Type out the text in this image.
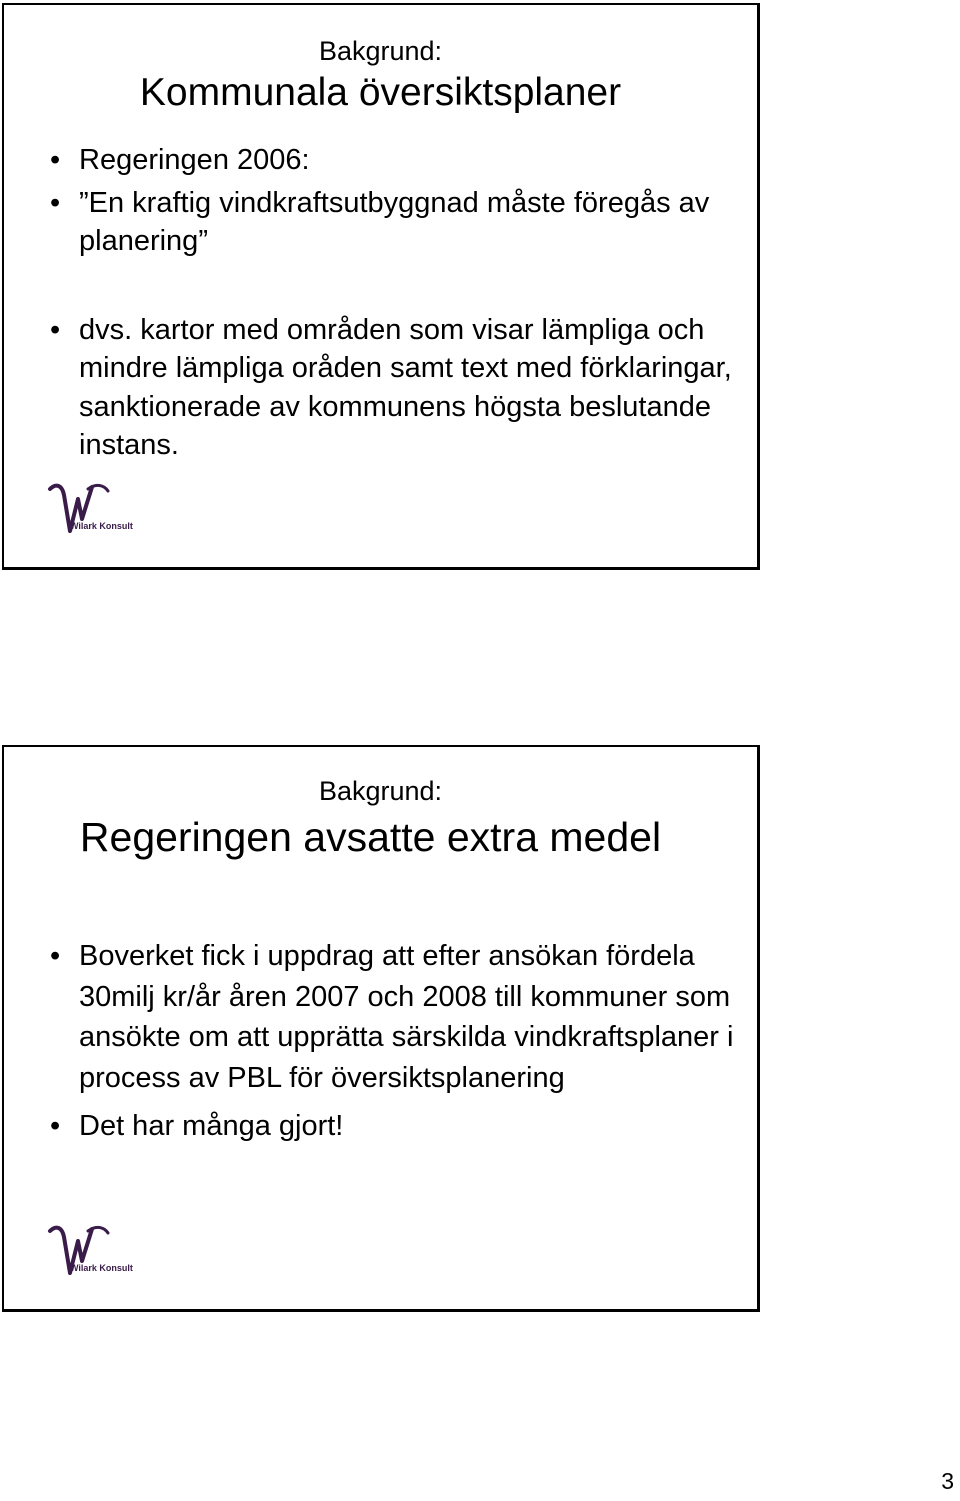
Bakgrund:
Kommunala översiktsplaner
• Regeringen 2006:
• ”En kraftig vindkraftsutbyggnad måste föregås av planering”
• dvs. kartor med områden som visar lämpliga och mindre lämpliga oråden samt text med förklaringar, sanktionerade av kommunens högsta beslutande instans.
Wilark Konsult
Bakgrund:
Regeringen avsatte extra medel
• Boverket fick i uppdrag att efter ansökan fördela 30milj kr/år åren 2007 och 2008 till kommuner som ansökte om att upprätta särskilda vindkraftsplaner i process av PBL för översiktsplanering
• Det har många gjort!
Wilark Konsult
3
